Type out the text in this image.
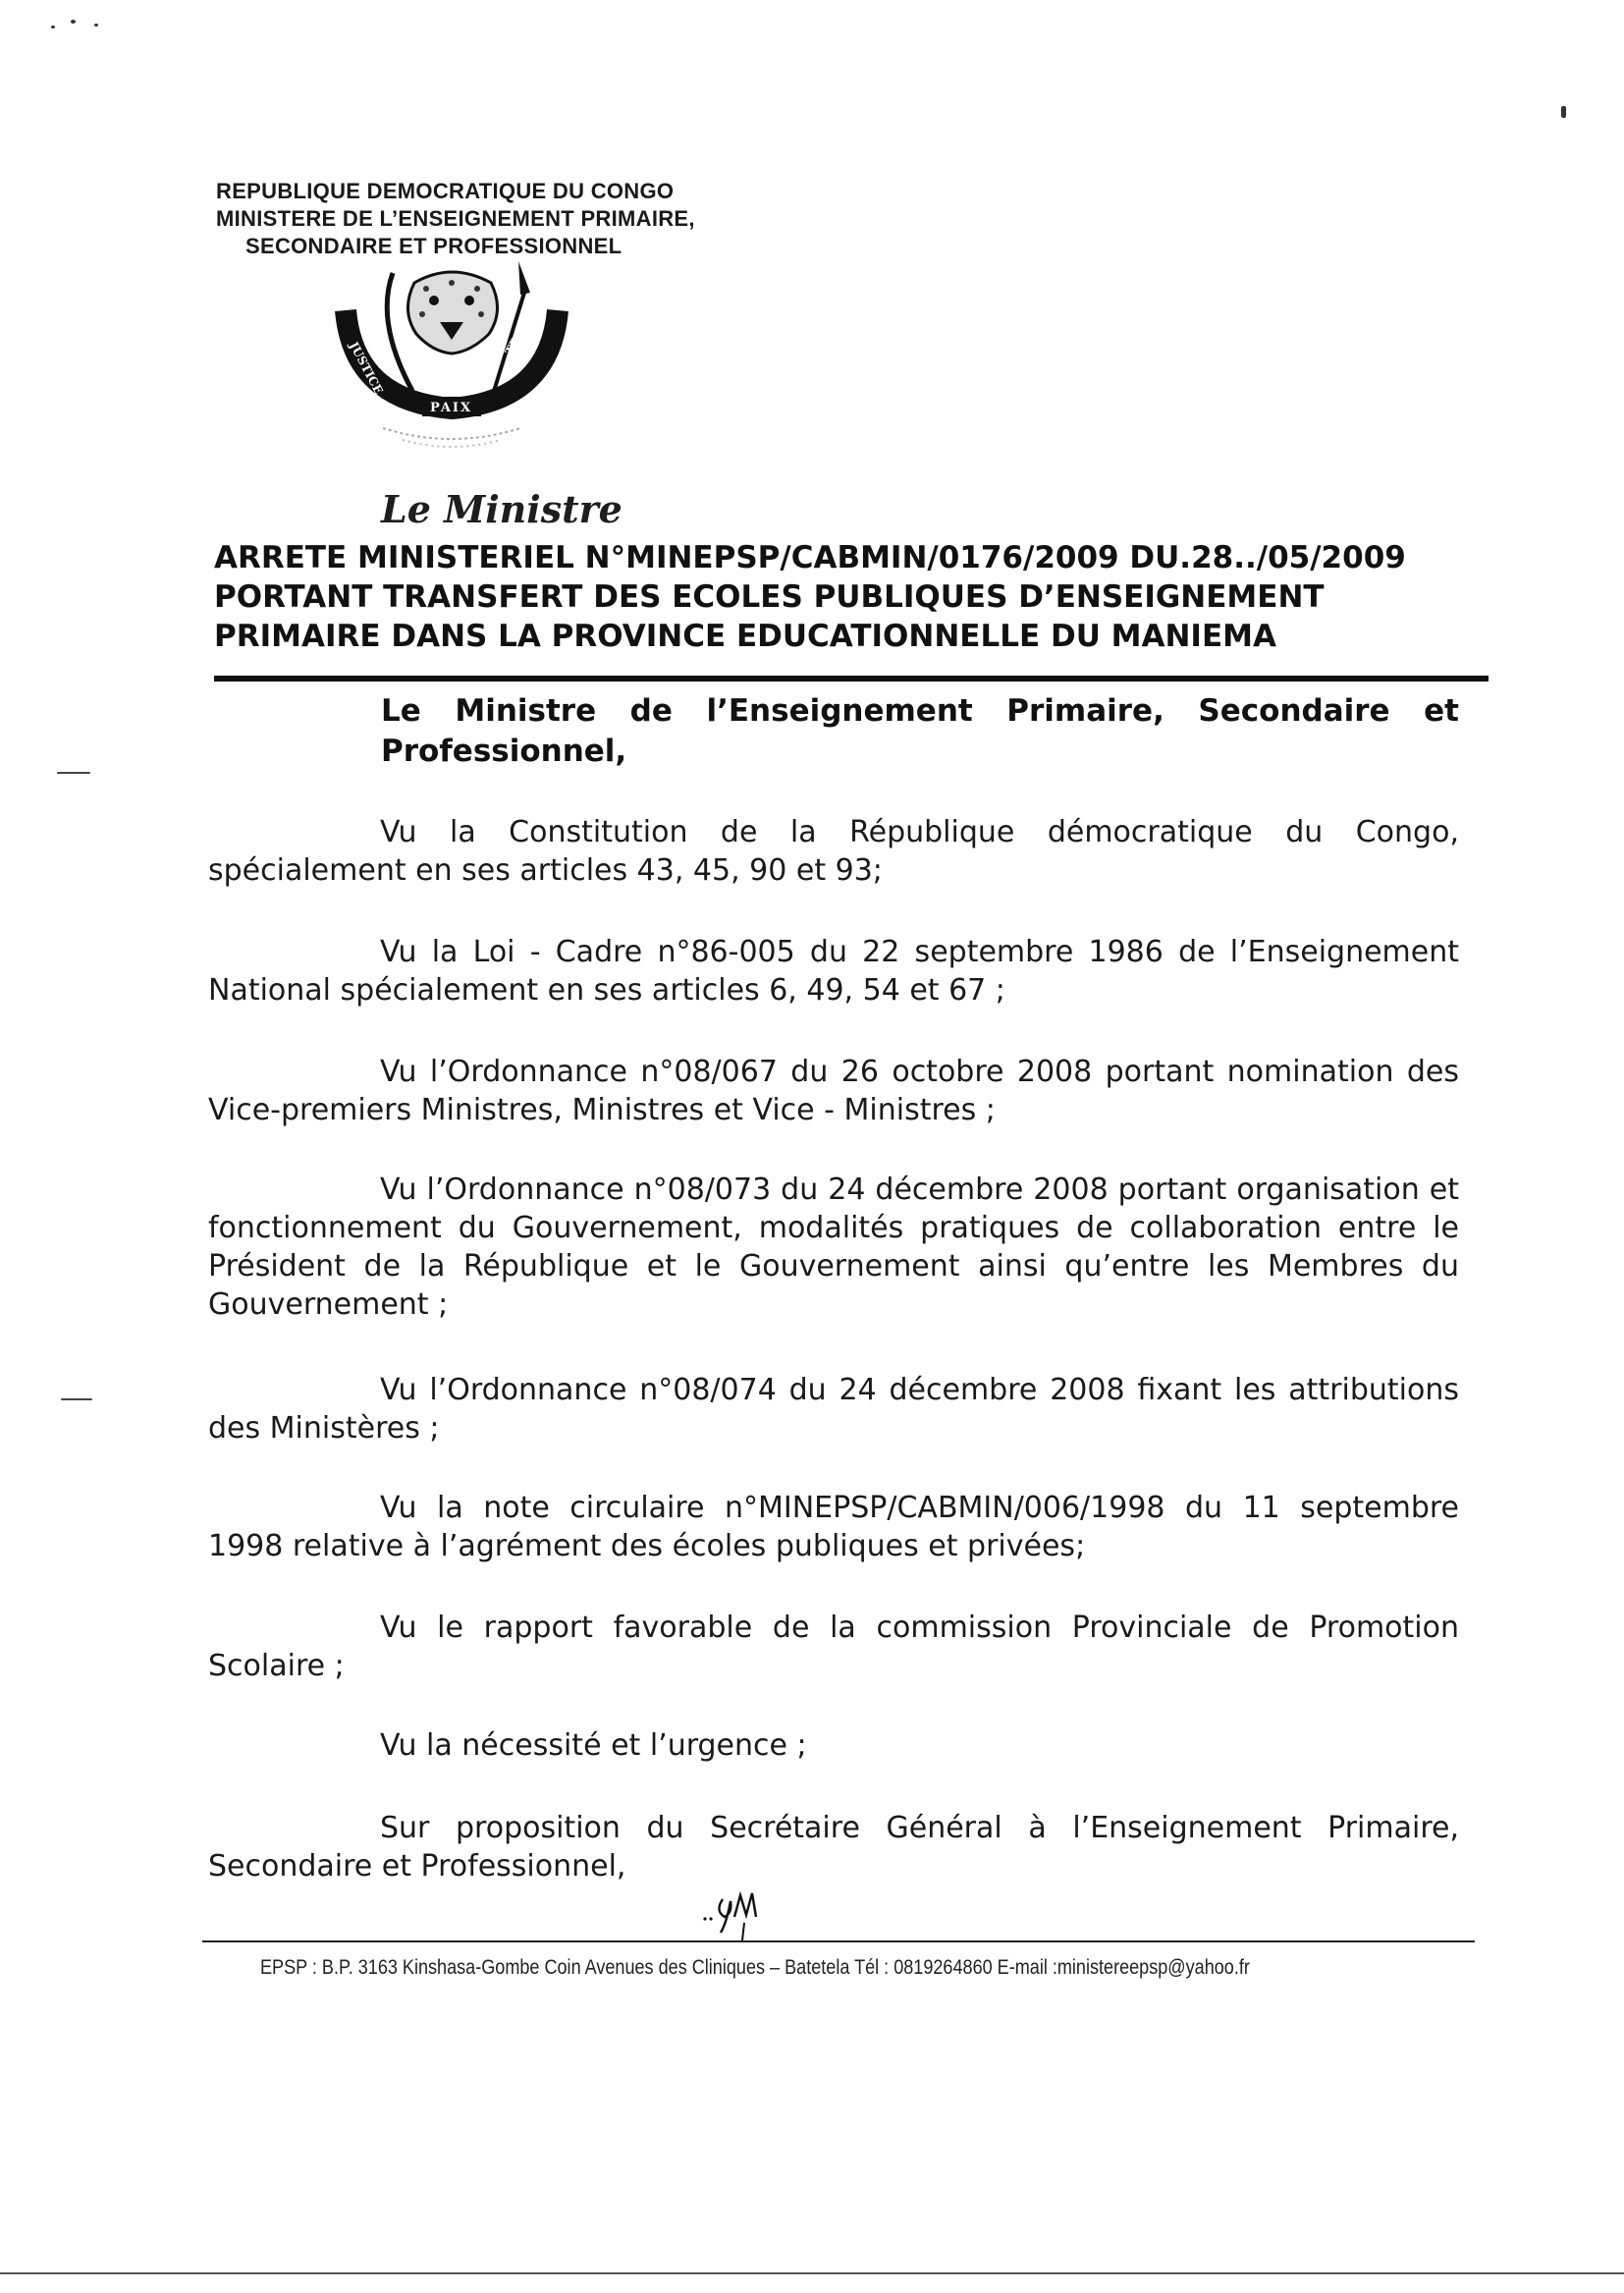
REPUBLIQUE DEMOCRATIQUE DU CONGO
MINISTERE DE L’ENSEIGNEMENT PRIMAIRE,
SECONDAIRE ET PROFESSIONNEL
JUSTICE
PAIX
TRAVAIL
Le Ministre
ARRETE MINISTERIEL N°MINEPSP/CABMIN/0176/2009 DU.28../05/2009
PORTANT TRANSFERT DES ECOLES PUBLIQUES D’ENSEIGNEMENT
PRIMAIRE DANS LA PROVINCE EDUCATIONNELLE DU MANIEMA
Le Ministre de l’Enseignement Primaire, Secondaire et Professionnel,
Vu la Constitution de la République démocratique du Congo, spécialement en ses articles 43, 45, 90 et 93;
Vu la Loi - Cadre n°86-005 du 22 septembre 1986 de l’Enseignement National spécialement en ses articles 6, 49, 54 et 67 ;
Vu l’Ordonnance n°08/067 du 26 octobre 2008 portant nomination des Vice-premiers Ministres, Ministres et Vice - Ministres ;
Vu l’Ordonnance n°08/073 du 24 décembre 2008 portant organisation et fonctionnement du Gouvernement, modalités pratiques de collaboration entre le Président de la République et le Gouvernement ainsi qu’entre les Membres du Gouvernement ;
Vu l’Ordonnance n°08/074 du 24 décembre 2008 fixant les attributions des Ministères ;
Vu la note circulaire n°MINEPSP/CABMIN/006/1998 du 11 septembre 1998 relative à l’agrément des écoles publiques et privées;
Vu le rapport favorable de la commission Provinciale de Promotion Scolaire ;
Vu la nécessité et l’urgence ;
Sur proposition du Secrétaire Général à l’Enseignement Primaire, Secondaire et Professionnel,
EPSP : B.P. 3163 Kinshasa-Gombe Coin Avenues des Cliniques – Batetela Tél : 0819264860 E-mail :ministereepsp@yahoo.fr
